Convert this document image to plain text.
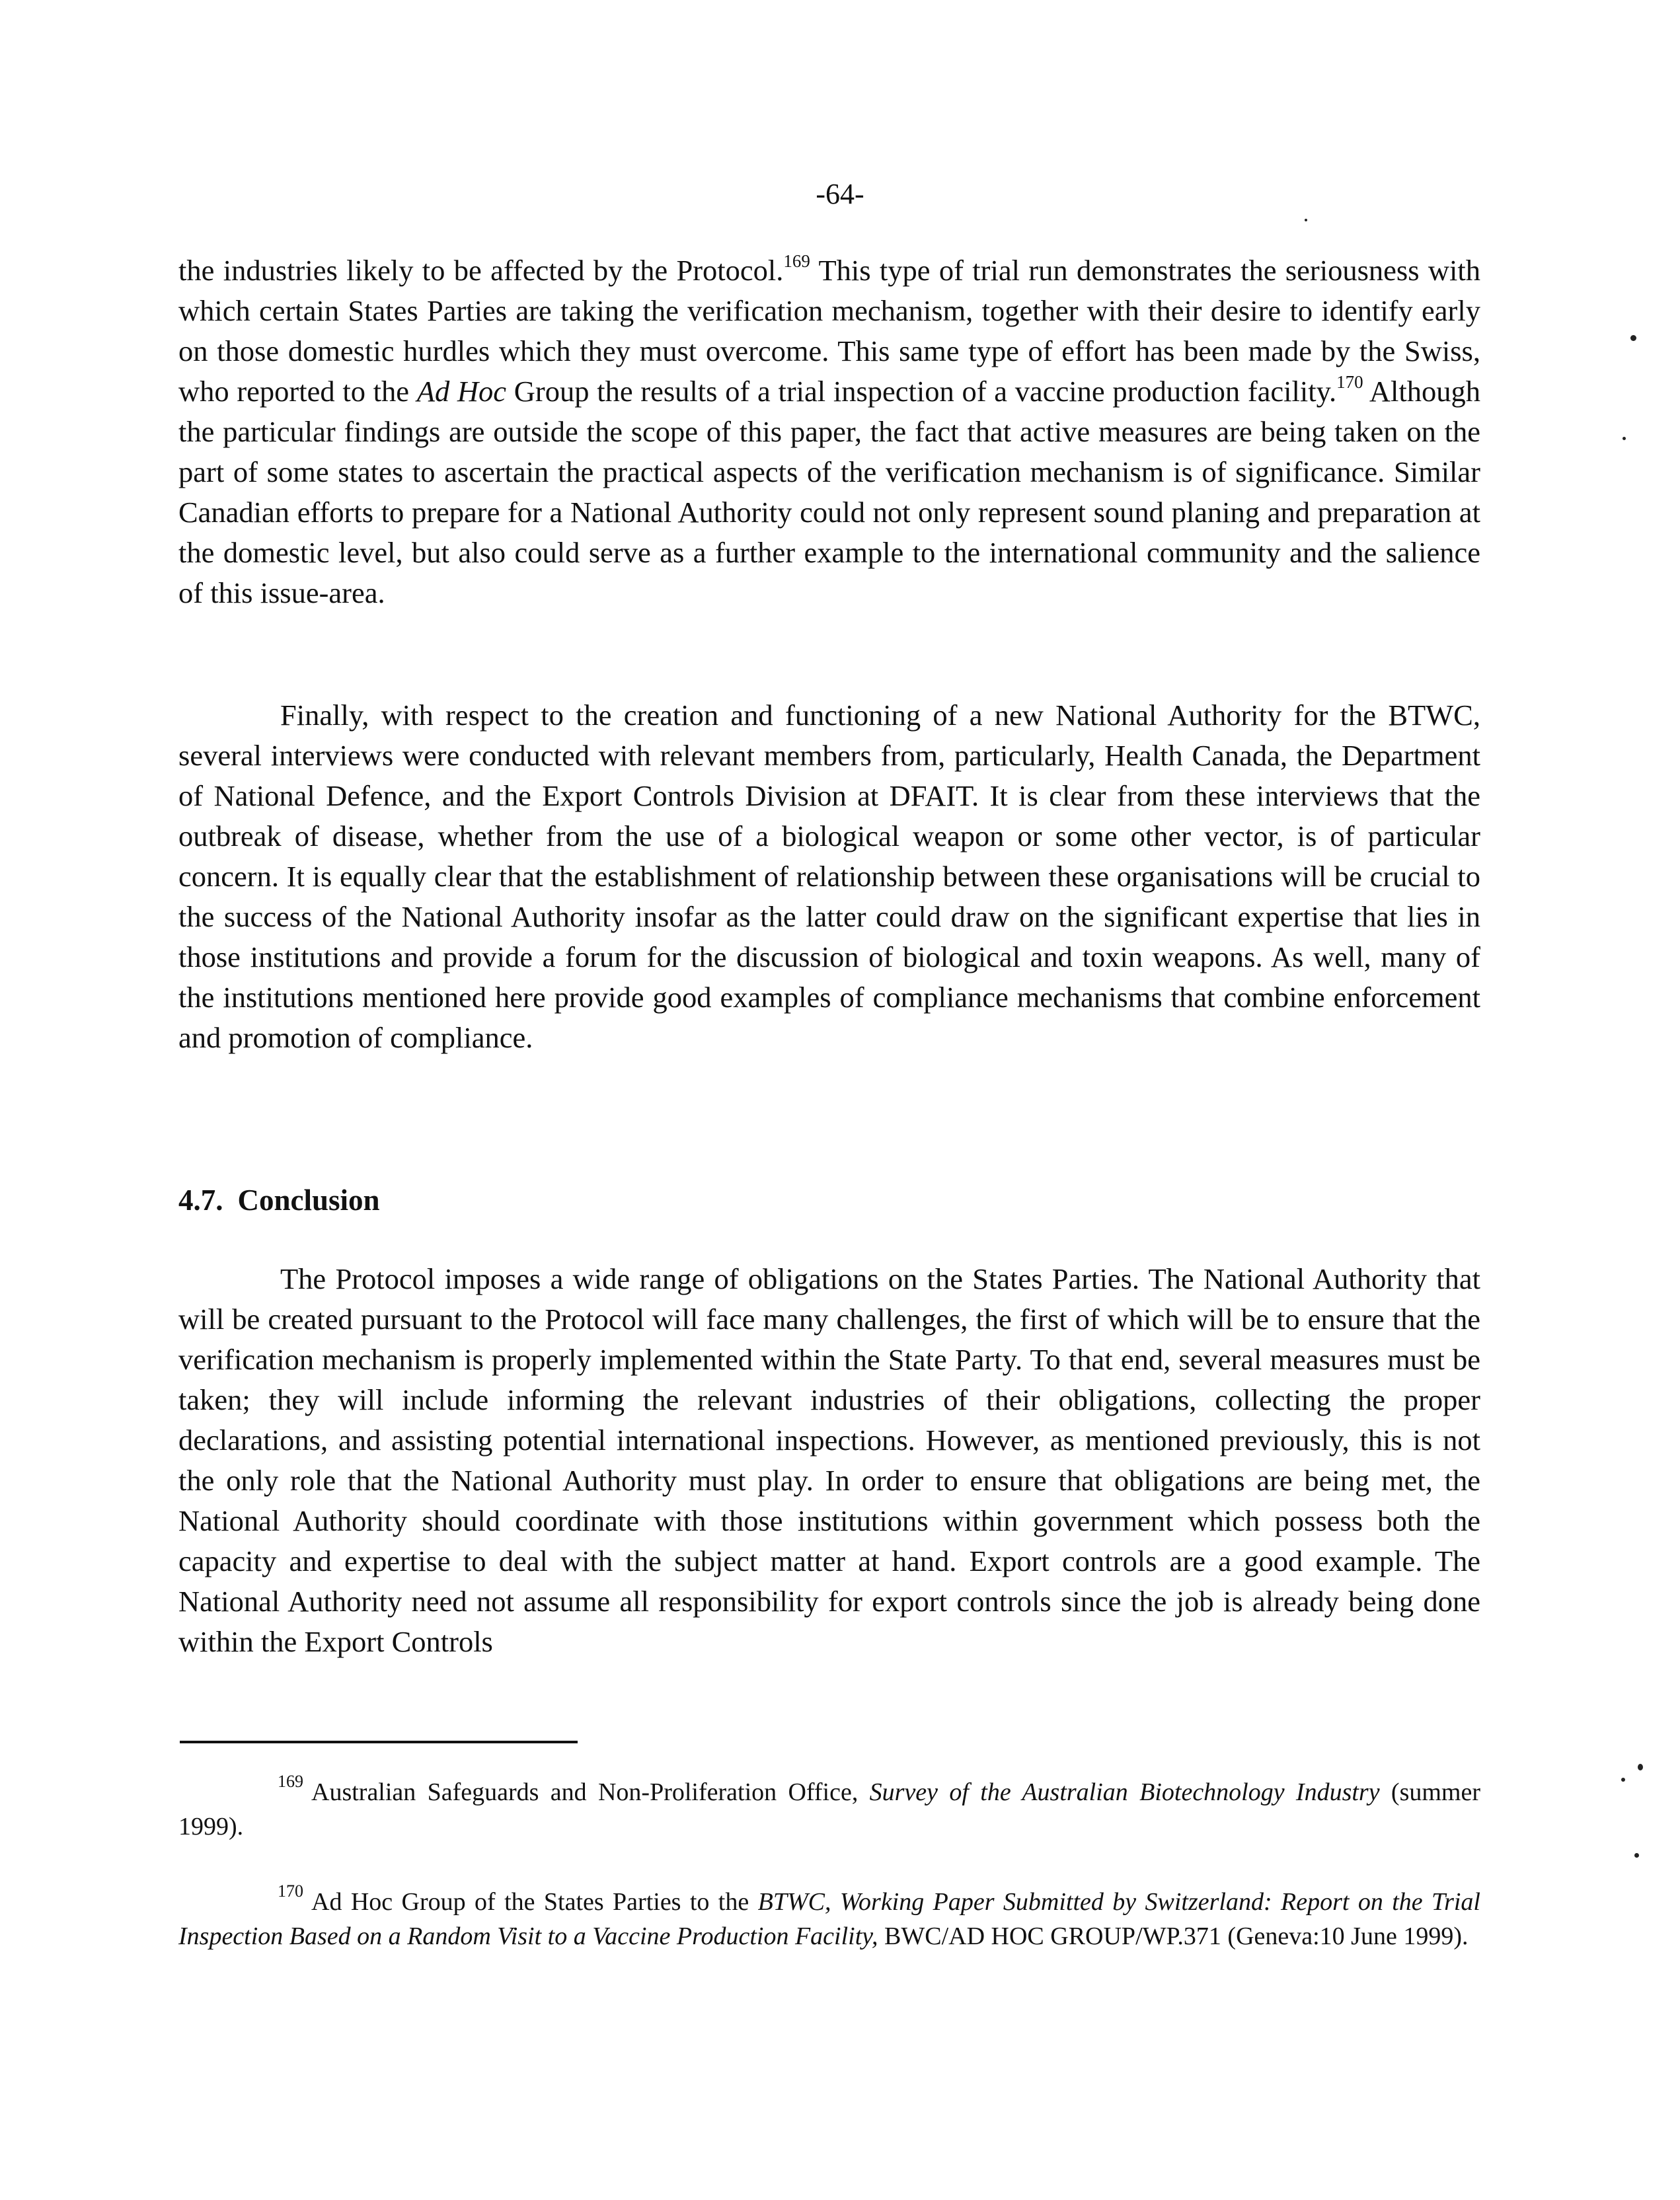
-64-

the industries likely to be affected by the Protocol.$^{169}$ This type of trial run demonstrates the seriousness with which certain States Parties are taking the verification mechanism, together with their desire to identify early on those domestic hurdles which they must overcome. This same type of effort has been made by the Swiss, who reported to the Ad Hoc Group the results of a trial inspection of a vaccine production facility.$^{170}$ Although the particular findings are outside the scope of this paper, the fact that active measures are being taken on the part of some states to ascertain the practical aspects of the verification mechanism is of significance. Similar Canadian efforts to prepare for a National Authority could not only represent sound planing and preparation at the domestic level, but also could serve as a further example to the international community and the salience of this issue-area.

Finally, with respect to the creation and functioning of a new National Authority for the BTWC, several interviews were conducted with relevant members from, particularly, Health Canada, the Department of National Defence, and the Export Controls Division at DFAIT. It is clear from these interviews that the outbreak of disease, whether from the use of a biological weapon or some other vector, is of particular concern. It is equally clear that the establishment of relationship between these organisations will be crucial to the success of the National Authority insofar as the latter could draw on the significant expertise that lies in those institutions and provide a forum for the discussion of biological and toxin weapons. As well, many of the institutions mentioned here provide good examples of compliance mechanisms that combine enforcement and promotion of compliance.

4.7. Conclusion

The Protocol imposes a wide range of obligations on the States Parties. The National Authority that will be created pursuant to the Protocol will face many challenges, the first of which will be to ensure that the verification mechanism is properly implemented within the State Party. To that end, several measures must be taken; they will include informing the relevant industries of their obligations, collecting the proper declarations, and assisting potential international inspections. However, as mentioned previously, this is not the only role that the National Authority must play. In order to ensure that obligations are being met, the National Authority should coordinate with those institutions within government which possess both the capacity and expertise to deal with the subject matter at hand. Export controls are a good example. The National Authority need not assume all responsibility for export controls since the job is already being done within the Export Controls

$^{169}$ Australian Safeguards and Non-Proliferation Office, Survey of the Australian Biotechnology Industry (summer 1999).

$^{170}$ Ad Hoc Group of the States Parties to the BTWC, Working Paper Submitted by Switzerland: Report on the Trial Inspection Based on a Random Visit to a Vaccine Production Facility, BWC/AD HOC GROUP/WP.371 (Geneva:10 June 1999).
